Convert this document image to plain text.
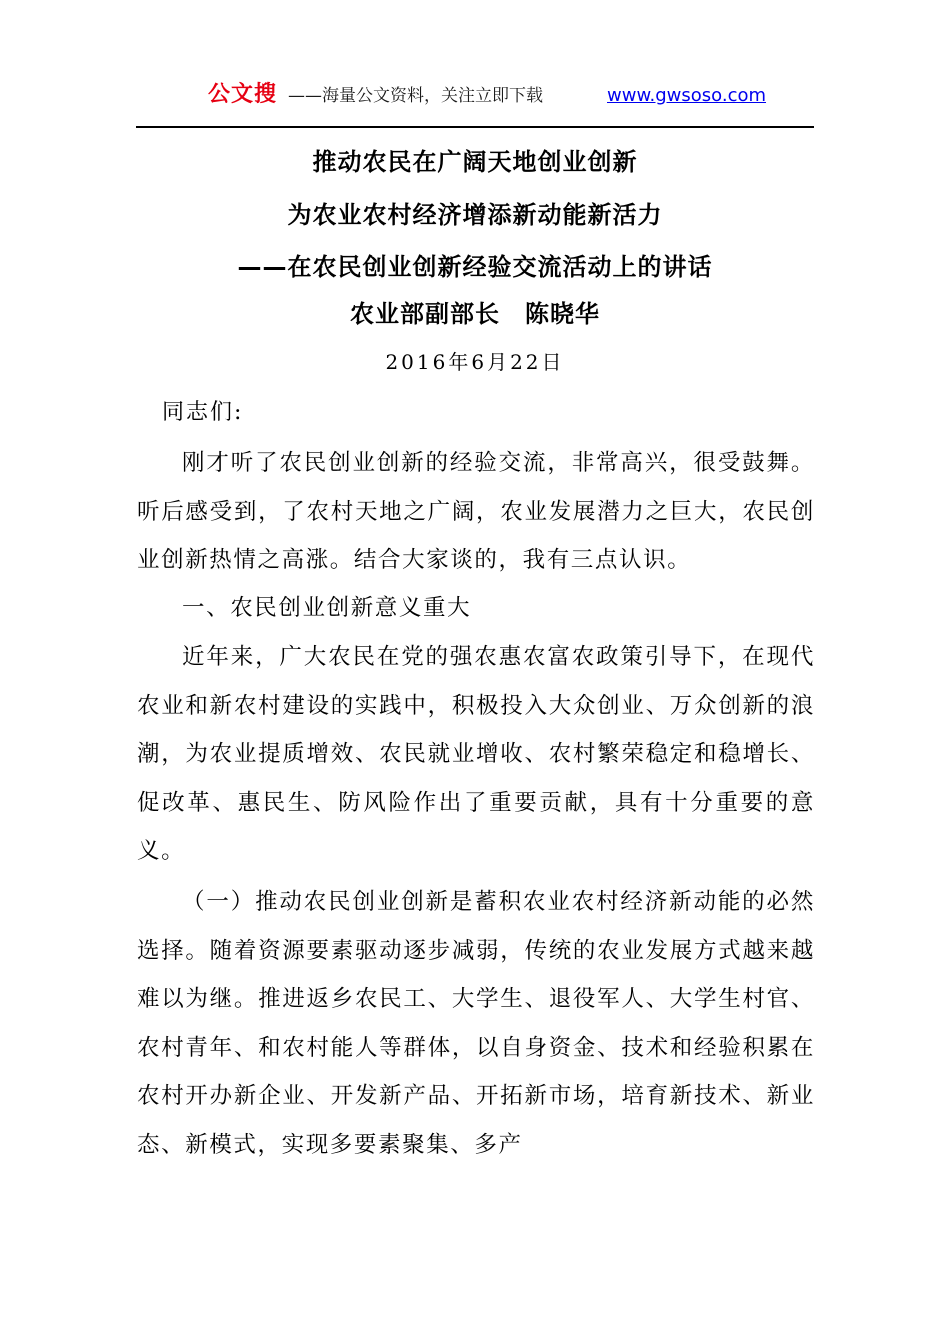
公文搜 ——海量公文资料，关注立即下载	www.gwsoso.com
推动农民在广阔天地创业创新
为农业农村经济增添新动能新活力
——在农民创业创新经验交流活动上的讲话
农业部副部长　陈晓华
2016年6月22日
同志们:

刚才听了农民创业创新的经验交流，非常高兴，很受鼓舞。听后感受到，了农村天地之广阔，农业发展潜力之巨大，农民创业创新热情之高涨。结合大家谈的，我有三点认识。

一、农民创业创新意义重大

近年来，广大农民在党的强农惠农富农政策引导下，在现代农业和新农村建设的实践中，积极投入大众创业、万众创新的浪潮，为农业提质增效、农民就业增收、农村繁荣稳定和稳增长、促改革、惠民生、防风险作出了重要贡献，具有十分重要的意义。

（一）推动农民创业创新是蓄积农业农村经济新动能的必然选择。随着资源要素驱动逐步减弱，传统的农业发展方式越来越难以为继。推进返乡农民工、大学生、退役军人、大学生村官、农村青年、和农村能人等群体，以自身资金、技术和经验积累在农村开办新企业、开发新产品、开拓新市场，培育新技术、新业态、新模式，实现多要素聚集、多产
